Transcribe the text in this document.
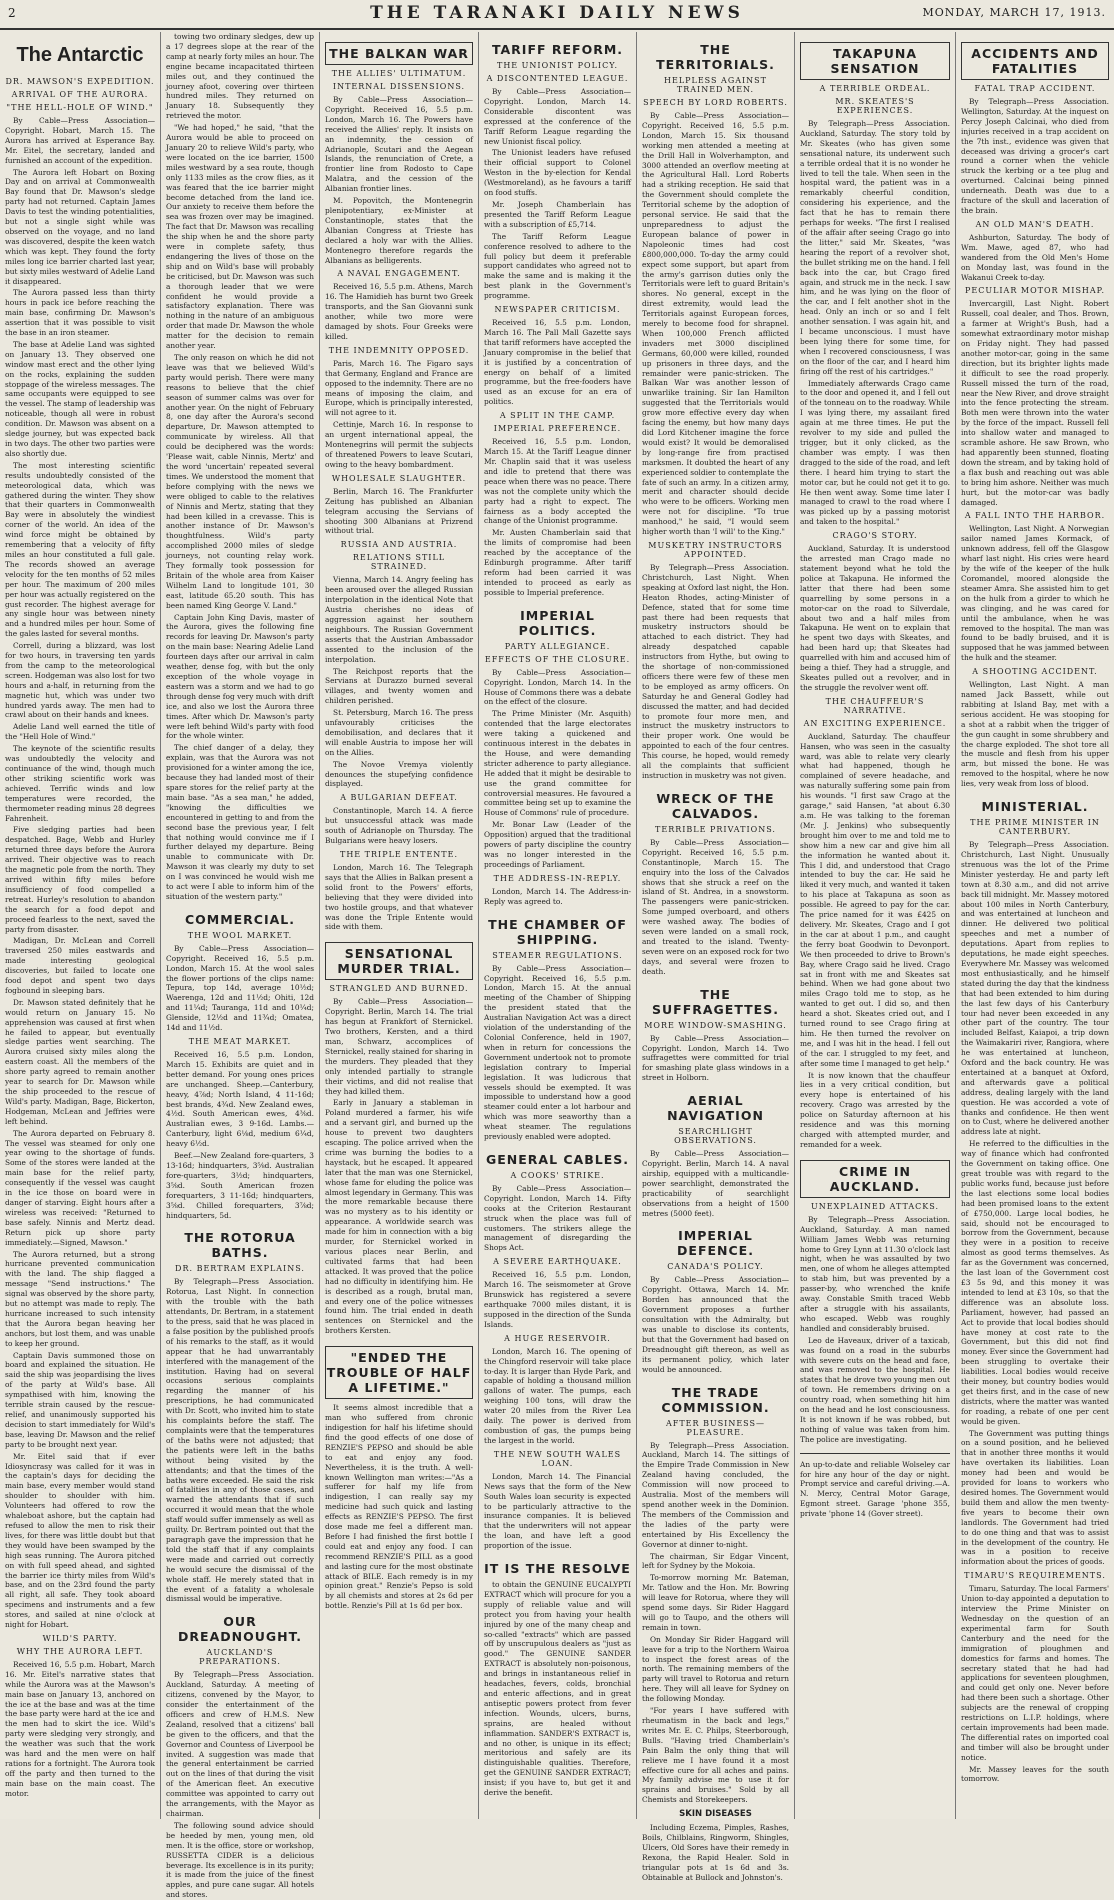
2	THE TARANAKI DAILY NEWS	MONDAY, MARCH 17, 1913.
The Antarctic
DR. MAWSON'S EXPEDITION.
ARRIVAL OF THE AURORA.
"THE HELL-HOLE OF WIND."

By Cable—Press Association—Copyright. Hobart, March 15. The Aurora has arrived at Esperance Bay. Mr. Eitel, the secretary, landed and furnished an account of the expedition.

The Aurora left Hobart on Boxing Day and on arrival at Commonwealth Bay found that Dr. Mawson's sledge party had not returned. Captain James Davis to test the winding potentialities, but not a single sight while was observed on the voyage, and no land was discovered, despite the keen watch which was kept. They found the forty miles long ice barrier charted last year, but sixty miles westward of Adelie Land it disappeared.

The Aurora passed less than thirty hours in pack ice before reaching the main base, confirming Dr. Mawson's assertion that it was possible to visit the base in an iron steamer.

The base at Adelie Land was sighted on January 13. They observed one window mast erect and the other lying on the rocks, explaining the sudden stoppage of the wireless messages. The same occupants were equipped to see the vessel. The stamp of leadership was noticeable, though all were in robust condition. Dr. Mawson was absent on a sledge journey, but was expected back in two days. The other two parties were also shortly due.

The most interesting scientific results undoubtedly consisted of the meteorological data, which was gathered during the winter. They show that their quarters in Commonwealth Bay were in absolutely the windiest corner of the world. An idea of the wind force might be obtained by remembering that a velocity of fifty miles an hour constituted a full gale. The records showed an average velocity for the ten months of 52 miles per hour. The maximum of 200 miles per hour was actually registered on the gust recorder. The highest average for any single hour was between ninety and a hundred miles per hour. Some of the gales lasted for several months.

Correll, during a blizzard, was lost for two hours, in traversing ten yards from the camp to the meteorological screen. Hodgeman was also lost for two hours and a-half, in returning from the magnetic hut, which was under two hundred yards away. The men had to crawl about on their hands and knees.

Adelie Land well earned the title of the "Hell Hole of Wind."

The keynote of the scientific results was undoubtedly the velocity and continuance of the wind, though much other striking scientific work was achieved. Terrific winds and low temperatures were recorded, the thermometer reading minus 28 degrees Fahrenheit.

Five sledging parties had been despatched. Bage, Webb and Hurley returned three days before the Aurora arrived. Their objective was to reach the magnetic pole from the north. They arrived within fifty miles before insufficiency of food compelled a retreat. Hurley's resolution to abandon the search for a food depot and proceed fearless to the next, saved the party from disaster.

Madigan, Dr. McLean and Correll traversed 250 miles eastwards and made interesting geological discoveries, but failed to locate one food depot and spent two days fogbound in sleeping bars.

Dr. Mawson stated definitely that he would return on January 15. No apprehension was caused at first when he failed to appear, but eventually sledge parties went searching. The Aurora cruised sixty miles along the eastern coast. All the members of the shore party agreed to remain another year to search for Dr. Mawson while the ship proceeded to the rescue of Wild's party. Madigan, Bage, Bickerton, Hodgeman, McLean and Jeffries were left behind.

The Aurora departed on February 8. The vessel was steamed for only one year owing to the shortage of funds. Some of the stores were landed at the main base for the relief party, consequently if the vessel was caught in the ice those on board were in danger of starving. Eight hours after a wireless was received: "Returned to base safely. Ninnis and Mertz dead. Return pick up shore party immediately.—Signed, Mawson."

The Aurora returned, but a strong hurricane prevented communication with the land. The ship flagged a message "Send instructions." The signal was observed by the shore party, but no attempt was made to reply. The hurricane increased to such intensity that the Aurora began heaving her anchors, but lost them, and was unable to keep her ground.

Captain Davis summoned those on board and explained the situation. He said the ship was jeopardising the lives of the party at Wild's base. All sympathised with him, knowing the terrible strain caused by the rescue-relief, and unanimously supported his decision to start immediately for Wild's base, leaving Dr. Mawson and the relief party to be brought next year.

Mr. Eitel said that if ever Idiosyncrasy was called for it was in the captain's days for deciding the main base, every member would stand shoulder to shoulder with him. Volunteers had offered to row the whaleboat ashore, but the captain had refused to allow the men to risk their lives, for there was little doubt but that they would have been swamped by the high seas running. The Aurora pitched on with full speed ahead, and sighted the barrier ice thirty miles from Wild's base, and on the 23rd found the party all right, all safe. They took aboard specimens and instruments and a few stores, and sailed at nine o'clock at night for Hobart.

WILD'S PARTY.
WHY THE AURORA LEFT.

Received 16, 5.5 p.m. Hobart, March 16. Mr. Eitel's narrative states that while the Aurora was at the Mawson's main base on January 13, anchored on the ice at the base and was at the time the base party were hard at the ice and the men had to skirt the ice. Wild's party were sledging very strongly, and the weather was such that the work was hard and the men were on half rations for a fortnight. The Aurora took off the party and then turned to the main base on the main coast. The motor.

towing two ordinary sledges, dew up a 17 degrees slope at the rear of the camp at nearly forty miles an hour. The engine became incapacitated thirteen miles out, and they continued the journey afoot, covering over thirteen hundred miles. They returned on January 18. Subsequently they retrieved the motor.

"We had hoped," he said, "that the Aurora would be able to proceed on January 20 to relieve Wild's party, who were located on the ice barrier, 1500 miles westward by a sea route, though only 1133 miles as the crow flies, as it was feared that the ice barrier might become detached from the land ice. Our anxiety to receive them before the sea was frozen over may be imagined. The fact that Dr. Mawson was recalling the ship when he and the shore party were in complete safety, thus endangering the lives of those on the ship and on Wild's base will probably be criticised, but Dr. Mawson was such a thorough leader that we were confident he would provide a satisfactory explanation. There was nothing in the nature of an ambiguous order that made Dr. Mawson the whole matter for the decision to remain another year.

The only reason on which he did not leave was that we believed Wild's party would perish. There were many reasons to believe that the chief season of summer calms was over for another year. On the night of February 8, one day after the Aurora's second departure, Dr. Mawson attempted to communicate by wireless. All that could be deciphered was the words: 'Please wait, cable Ninnis, Mertz' and the word 'uncertain' repeated several times. We understood the moment that before complying with the news we were obliged to cable to the relatives of Ninnis and Mertz, stating that they had been killed in a crevasse. This is another instance of Dr. Mawson's thoughtfulness. Wild's party accomplished 2000 miles of sledge journeys, not counting relay work. They formally took possession for Britain of the whole area from Kaiser Wilhelm Land to longitude 101, 30 east, latitude 65.20 south. This has been named King George V. Land."

Captain John King Davis, master of the Aurora, gives the following fine records for leaving Dr. Mawson's party on the main base: Nearing Adelie Land fourteen days after our arrival in calm weather, dense fog, with but the only exception of the whole voyage in eastern was a storm and we had to go through dense fog very much with drift ice, and also we lost the Aurora three times. After which Dr. Mawson's party were left behind Wild's party with food for the whole winter.

The chief danger of a delay, they explain, was that the Aurora was not provisioned for a winter among the ice, because they had landed most of their spare stores for the relief party at the main base. "As a sea man," he added, "knowing the difficulties we encountered in getting to and from the second base the previous year, I felt that nothing would convince me if I further delayed my departure. Being unable to communicate with Dr. Mawson it was clearly my duty to set on I was convinced he would wish me to act were I able to inform him of the situation of the western party."

COMMERCIAL.
THE WOOL MARKET.

By Cable—Press Association—Copyright. Received 16, 5.5 p.m. London, March 15. At the wool sales the flower portions of the clips name: Tepura, top 14d, average 10½d; Waerenga, 12d and 11½d; Ohiti, 12d and 11¼d; Tauranga, 11d and 10¼d; Glenside, 12½d and 11¾d; Omatea, 14d and 11½d.

THE MEAT MARKET.

Received 16, 5.5 p.m. London, March 15. Exhibits are quiet and in better demand. For young ones prices are unchanged. Sheep.—Canterbury, heavy, 4⅞d; North Island, 4 11-16d; best brands, 4¾d. New Zealand ewes, 4½d. South American ewes, 4⅜d. Australian ewes, 3 9-16d. Lambs.—Canterbury, light 6⅛d, medium 6¼d, heavy 6½d.

Beef.—New Zealand fore-quarters, 3 13-16d; hindquarters, 3⅝d. Australian fore-quarters, 3½d; hindquarters, 3⅝d. South American frozen forequarters, 3 11-16d; hindquarters, 3⅝d. Chilled forequarters, 3⅞d; hindquarters, 5d.

THE ROTORUA BATHS.
DR. BERTRAM EXPLAINS.

By Telegraph—Press Association. Rotorua, Last Night. In connection with the trouble with the bath attendants, Dr. Bertram, in a statement to the press, said that he was placed in a false position by the published proofs of his remarks to the staff, as it would appear that he had unwarrantably interfered with the management of the institution. Having had on several occasions serious complaints regarding the manner of his prescriptions, he had communicated with Dr. Scott, who invited him to state his complaints before the staff. The complaints were that the temperatures of the baths were not adjusted; that the patients were left in the baths without being visited by the attendants; and that the times of the baths were exceeded. He said the risk of fatalities in any of those cases, and warned the attendants that if such occurred it would mean that the whole staff would suffer immensely as well as guilty. Dr. Bertram pointed out that the paragraph gave the impression that he told the staff that if any complaints were made and carried out correctly he would secure the dismissal of the whole staff. He merely stated that in the event of a fatality a wholesale dismissal would be imperative.

OUR DREADNOUGHT.
AUCKLAND'S PREPARATIONS.

By Telegraph—Press Association. Auckland, Saturday. A meeting of citizens, convened by the Mayor, to consider the entertainment of the officers and crew of H.M.S. New Zealand, resolved that a citizens' ball be given to the officers, and that the Governor and Countess of Liverpool be invited. A suggestion was made that the general entertainment be carried out on the lines of that during the visit of the American fleet. An executive committee was appointed to carry out the arrangements, with the Mayor as chairman.

The following sound advice should be heeded by men, young men, old men. It is the office, store or workshop, RUSSETTA CIDER is a delicious beverage. Its excellence is in its purity; it is made from the juice of the finest apples, and pure cane sugar. All hotels and stores.

THE BALKAN WAR
THE ALLIES' ULTIMATUM.
INTERNAL DISSENSIONS.

By Cable—Press Association—Copyright. Received 16, 5.5 p.m. London, March 16. The Powers have received the Allies' reply. It insists on an indemnity, the cession of Adrianople, Scutari and the Aegean Islands, the renunciation of Crete, a frontier line from Rodosto to Cape Malatra, and the cession of the Albanian frontier lines.

M. Popovitch, the Montenegrin plenipotentiary, ex-Minister at Constantinople, states that the Albanian Congress at Trieste has declared a holy war with the Allies. Montenegro therefore regards the Albanians as belligerents.

A NAVAL ENGAGEMENT.

Received 16, 5.5 p.m. Athens, March 16. The Hamidieh has burnt two Greek transports, and the San Giovanni sunk another, while two more were damaged by shots. Four Greeks were killed.

THE INDEMNITY OPPOSED.

Paris, March 16. The Figaro says that Germany, England and France are opposed to the indemnity. There are no means of imposing the claim, and Europe, which is principally interested, will not agree to it.

Cettinje, March 16. In response to an urgent international appeal, the Montenegrins will permit the subjects of threatened Powers to leave Scutari, owing to the heavy bombardment.

WHOLESALE SLAUGHTER.

Berlin, March 16. The Frankfurter Zeitung has published an Albanian telegram accusing the Servians of shooting 300 Albanians at Prizrend without trial.

RUSSIA AND AUSTRIA.
RELATIONS STILL STRAINED.

Vienna, March 14. Angry feeling has been aroused over the alleged Russian interpolation in the identical Note that Austria cherishes no ideas of aggression against her southern neighbours. The Russian Government asserts that the Austrian Ambassador assented to the inclusion of the interpolation.

The Reichpost reports that the Servians at Durazzo burned several villages, and twenty women and children perished.

St. Petersburg, March 16. The press unfavourably criticises the demobilisation, and declares that it will enable Austria to impose her will on the Allies.

The Novoe Vremya violently denounces the stupefying confidence displayed.

A BULGARIAN DEFEAT.

Constantinople, March 14. A fierce but unsuccessful attack was made south of Adrianople on Thursday. The Bulgarians were heavy losers.

THE TRIPLE ENTENTE.

London, March 16. The Telegraph says that the Allies in Balkan present a solid front to the Powers' efforts, believing that they were divided into two hostile groups, and that whatever was done the Triple Entente would side with them.

SENSATIONAL MURDER TRIAL.
STRANGLED AND BURNED.

By Cable—Press Association—Copyright. Berlin, March 14. The trial has begun at Frankfort of Sternickel. Two brothers, Kersten, and a third man, Schwarz, accomplices of Sternickel, really stained for sharing in the murders. They pleaded that they only intended partially to strangle their victims, and did not realise that they had killed them.

Early in January a stableman in Poland murdered a farmer, his wife and a servant girl, and burned up the house to prevent two daughters escaping. The police arrived when the crime was burning the bodies to a haystack, but he escaped. It appeared later that the man was one Sternickel, whose fame for eluding the police was almost legendary in Germany. This was the more remarkable because there was no mystery as to his identity or appearance. A worldwide search was made for him in connection with a big murder, for Sternickel worked in various places near Berlin, and cultivated farms that had been attacked. It was proved that the police had no difficulty in identifying him. He is described as a rough, brutal man, and every one of the police witnesses found him. The trial ended in death sentences on Sternickel and the brothers Kersten.

"ENDED THE TROUBLE OF HALF A LIFETIME."

It seems almost incredible that a man who suffered from chronic indigestion for half his lifetime should find the good effects of one dose of RENZIE'S PEPSO and should be able to eat and enjoy any food. Nevertheless, it is the truth. A well-known Wellington man writes:—"As a sufferer for half my life from indigestion, I can really say my medicine had such quick and lasting effects as RENZIE'S PEPSO. The first dose made me feel a different man. Before I had finished the first bottle I could eat and enjoy any food. I can recommend RENZIE'S PILL as a good and lasting cure for the most obstinate attack of BILE. Each remedy is in my opinion great." Renzie's Pepso is sold by all chemists and stores at 2s 6d per bottle. Renzie's Pill at 1s 6d per box.

TARIFF REFORM.
THE UNIONIST POLICY.
A DISCONTENTED LEAGUE.

By Cable—Press Association—Copyright. London, March 14. Considerable discontent was expressed at the conference of the Tariff Reform League regarding the new Unionist fiscal policy.

The Unionist leaders have refused their official support to Colonel Weston in the by-election for Kendal (Westmoreland), as he favours a tariff on food stuffs.

Mr. Joseph Chamberlain has presented the Tariff Reform League with a subscription of £5,714.

The Tariff Reform League conference resolved to adhere to the full policy but deem it preferable support candidates who agreed not to make the same and is making it the best plank in the Government's programme.

NEWSPAPER CRITICISM.

Received 16, 5.5 p.m. London, March 16. The Pall Mall Gazette says that tariff reformers have accepted the January compromise in the belief that it is justified by a concentration of energy on behalf of a limited programme, but the free-fooders have used as an excuse for an era of politics.

A SPLIT IN THE CAMP.
IMPERIAL PREFERENCE.

Received 16, 5.5 p.m. London, March 15. At the Tariff League dinner Mr. Chaplin said that it was useless and idle to pretend that there was peace when there was no peace. There was not the complete unity which the party had a right to expect. The fairness as a body accepted the change of the Unionist programme.

Mr. Austen Chamberlain said that the limits of compromise had been reached by the acceptance of the Edinburgh programme. After tariff reform had been carried it was intended to proceed as early as possible to Imperial preference.

IMPERIAL POLITICS.
PARTY ALLEGIANCE.
EFFECTS OF THE CLOSURE.

By Cable—Press Association—Copyright. London, March 14. In the House of Commons there was a debate on the effect of the closure.

The Prime Minister (Mr. Asquith) contended that the large electorates were taking a quickened and continuous interest in the debates in the House, and were demanding stricter adherence to party allegiance. He added that it might be desirable to use the grand committee for controversial measures. He favoured a committee being set up to examine the House of Commons' rule of procedure.

Mr. Bonar Law (Leader of the Opposition) argued that the traditional powers of party discipline the country was no longer interested in the proceedings of Parliament.

THE ADDRESS-IN-REPLY.

London, March 14. The Address-in-Reply was agreed to.

THE CHAMBER OF SHIPPING.
STEAMER REGULATIONS.

By Cable—Press Association—Copyright. Received 16, 5.5 p.m. London, March 15. At the annual meeting of the Chamber of Shipping the president stated that the Australian Navigation Act was a direct violation of the understanding of the Colonial Conference, held in 1907, when in return for concessions the Government undertook not to promote legislation contrary to Imperial legislation. It was ludicrous that vessels should be exempted. It was impossible to understand how a good steamer could enter a lot harbour and which was more seaworthy than a wheat steamer. The regulations previously enabled were adopted.

GENERAL CABLES.
A COOKS' STRIKE.

By Cable—Press Association—Copyright. London, March 14. Fifty cooks at the Criterion Restaurant struck when the place was full of customers. The strikers allege the management of disregarding the Shops Act.

A SEVERE EARTHQUAKE.

Received 16, 5.5 p.m. London, March 16. The seismometer at Grove Brunswick has registered a severe earthquake 7000 miles distant, it is supposed in the direction of the Sunda Islands.

A HUGE RESERVOIR.

London, March 16. The opening of the Chingford reservoir will take place to-day. It is larger than Hyde Park, and capable of holding a thousand million gallons of water. The pumps, each weighing 100 tons, will draw the water 20 miles from the River Lea daily. The power is derived from combustion of gas, the pumps being the largest in the world.

THE NEW SOUTH WALES LOAN.

London, March 14. The Financial News says that the form of the New South Wales loan security is expected to be particularly attractive to the insurance companies. It is believed that the underwriters will not appear the loan, and have left a good proportion of the issue.

IT IS THE RESOLVE

to obtain the GENUINE EUCALYPTI EXTRACT which will procure for you a supply of reliable value and will protect you from having your health injured by one of the many cheap and so-called "extracts" which are passed off by unscrupulous dealers as "just as good." The GENUINE SANDER EXTRACT is absolutely non-poisonous, and brings in instantaneous relief in headaches, fevers, colds, bronchial and enteric affections, and in great antiseptic powers protect from fever infection. Wounds, ulcers, burns, sprains, are healed without inflammation. SANDER'S EXTRACT is, and no other, is unique in its effect; meritorious and safely are its distinguishable qualities. Therefore, get the GENUINE SANDER EXTRACT; insist; if you have to, but get it and derive the benefit.

THE TERRITORIALS.
HELPLESS AGAINST TRAINED MEN.
SPEECH BY LORD ROBERTS.

By Cable—Press Association—Copyright. Received 16, 5.5 p.m. London, March 15. Six thousand working men attended a meeting at the Drill Hall in Wolverhampton, and 3000 attended an overflow meeting at the Agricultural Hall. Lord Roberts had a striking reception. He said that the Government should complete the Territorial scheme by the adoption of personal service. He said that the unpreparedness to adjust the European balance of power in Napoleonic times had cost £800,000,000. To-day the army could expect some support, but apart from the army's garrison duties only the Territorials were left to guard Britain's shores. No general, except in the direst extremity, would lead the Territorials against European forces, merely to become food for shrapnel. When 100,000 French afflicted invaders met 3000 disciplined Germans, 60,000 were killed, rounded up prisoners in three days, and the remainder were panic-stricken. The Balkan War was another lesson of unwarlike training. Sir Ian Hamilton suggested that the Territorials would grow more effective every day when facing the enemy, but how many days did Lord Kitchener imagine the force would exist? It would be demoralised by long-range fire from practised marksmen. It doubted the heart of any experienced soldier to contemplate the fate of such an army. In a citizen army, merit and character should decide who were to be officers. Working men were not for discipline. "To true manhood," he said, "I would seem higher worth than 'I will' to the King."

MUSKETRY INSTRUCTORS APPOINTED.

By Telegraph—Press Association. Christchurch, Last Night. When speaking at Oxford last night, the Hon. Heaton Rhodes, acting-Minister of Defence, stated that for some time past there had been requests that musketry instructors should be attached to each district. They had already despatched capable instructors from Hythe, but owing to the shortage of non-commissioned officers there were few of these men to be employed as army officers. On Saturday he and General Godley had discussed the matter, and had decided to promote four more men, and instruct the musketry instructors to their proper work. One would be appointed to each of the four centres. This course, he hoped, would remedy all the complaints that sufficient instruction in musketry was not given.

WRECK OF THE CALVADOS.
TERRIBLE PRIVATIONS.

By Cable—Press Association—Copyright. Received 16, 5.5 p.m. Constantinople, March 15. The enquiry into the loss of the Calvados shows that she struck a reef on the island of St. Andrea, in a snowstorm. The passengers were panic-stricken. Some jumped overboard, and others were washed away. The bodies of seven were landed on a small rock, and treated to the island. Twenty-seven were on an exposed rock for two days, and several were frozen to death.

THE SUFFRAGETTES.
MORE WINDOW-SMASHING.

By Cable—Press Association—Copyright. London, March 14. Two suffragettes were committed for trial for smashing plate glass windows in a street in Holborn.

AERIAL NAVIGATION
SEARCHLIGHT OBSERVATIONS.

By Cable—Press Association—Copyright. Berlin, March 14. A naval airship, equipped with a multicandle-power searchlight, demonstrated the practicability of searchlight observations from a height of 1500 metres (5000 feet).

IMPERIAL DEFENCE.
CANADA'S POLICY.

By Cable—Press Association—Copyright. Ottawa, March 14. Mr. Borden has announced that the Government proposes a further consultation with the Admiralty, but was unable to disclose its contents, but that the Government had based on Dreadnought gift thereon, as well as its permanent policy, which later would be announced.

THE TRADE COMMISSION.
AFTER BUSINESS—PLEASURE.

By Telegraph—Press Association. Auckland, March 14. The sittings of the Empire Trade Commission in New Zealand having concluded, the Commission will now proceed to Australia. Most of the members will spend another week in the Dominion. The members of the Commission and the ladies of the party were entertained by His Excellency the Governor at dinner to-night.

The chairman, Sir Edgar Vincent, left for Sydney by the Mokoia.

To-morrow morning Mr. Bateman, Mr. Tatlow and the Hon. Mr. Bowring will leave for Rotorua, where they will spend some days. Sir Rider Haggard will go to Taupo, and the others will remain in town.

On Monday Sir Rider Haggard will leave for a trip to the Northern Wairoa to inspect the forest areas of the north. The remaining members of the party will travel to Rotorua and return here. They will all leave for Sydney on the following Monday.

"For years I have suffered with rheumatism in the back and legs," writes Mr. E. C. Philps, Steerborough, Bulls. "Having tried Chamberlain's Pain Balm the only thing that will relieve me I have found it a most effective cure for all aches and pains. My family advise me to use it for sprains and bruises." Sold by all Chemists and Storekeepers.

SKIN DISEASES

Including Eczema, Pimples, Rashes, Boils, Chilblains, Ringworm, Shingles, Ulcers, Old Sores have their remedy in Rexona, the Rapid Healer. Sold in triangular pots at 1s 6d and 3s. Obtainable at Bullock and Johnston's.

TAKAPUNA SENSATION
A TERRIBLE ORDEAL.
MR. SKEATES'S EXPERIENCES.

By Telegraph—Press Association. Auckland, Saturday. The story told by Mr. Skeates (who has given some sensational nature, its underwent such a terrible ordeal that it is no wonder he lived to tell the tale. When seen in the hospital ward, the patient was in a remarkably cheerful condition, considering his experience, and the fact that he has to remain there perhaps for weeks. "The first I realised of the affair after seeing Crago go into the litter," said Mr. Skeates, "was hearing the report of a revolver shot, the bullet striking me on the hand. I fell back into the car, but Crago fired again, and struck me in the neck. I saw him, and he was lying on the floor of the car, and I felt another shot in the head. Only an inch or so and I felt another sensation. I was again hit, and I became unconscious. I must have been lying there for some time, for when I recovered consciousness, I was on the floor of the car, and I heard him firing off the rest of his cartridges."

Immediately afterwards Crago came to the door and opened it, and I fell out of the tonneau on to the roadway. While I was lying there, my assailant fired again at me three times. He put the revolver to my side and pulled the trigger, but it only clicked, as the chamber was empty. I was then dragged to the side of the road, and left there. I heard him trying to start the motor car, but he could not get it to go. He then went away. Some time later I managed to crawl to the road where I was picked up by a passing motorist and taken to the hospital."

CRAGO'S STORY.

Auckland, Saturday. It is understood the arrested man Crago made no statement beyond what he told the police at Takapuna. He informed the latter that there had been some quarrelling by some persons in a motor-car on the road to Silverdale, about two and a half miles from Takapuna. He went on to explain that he spent two days with Skeates, and had been hard up; that Skeates had quarrelled with him and accused him of being a thief. They had a struggle, and Skeates pulled out a revolver, and in the struggle the revolver went off.

THE CHAUFFEUR'S NARRATIVE.
AN EXCITING EXPERIENCE.

Auckland, Saturday. The chauffeur Hansen, who was seen in the casualty ward, was able to relate very clearly what had happened, though he complained of severe headache, and was naturally suffering some pain from his wounds. "I first saw Crago at the garage," said Hansen, "at about 6.30 a.m. He was talking to the foreman (Mr. J. Jenkins) who subsequently brought him over to me and told me to show him a new car and give him all the information he wanted about it. This I did, and understood that Crago intended to buy the car. He said he liked it very much, and wanted it taken to his place at Takapuna as soon as possible. He agreed to pay for the car. The price named for it was £425 on delivery. Mr. Skeates, Crago and I got in the car at about 1 p.m., and caught the ferry boat Goodwin to Devonport. We then proceeded to drive to Brown's Bay, where Crago said he lived. Crago sat in front with me and Skeates sat behind. When we had gone about two miles Crago told me to stop, as he wanted to get out. I did so, and then heard a shot. Skeates cried out, and I turned round to see Crago firing at him. He then turned the revolver on me, and I was hit in the head. I fell out of the car. I struggled to my feet, and after some time I managed to get help."

It is now known that the chauffeur lies in a very critical condition, but every hope is entertained of his recovery. Crago was arrested by the police on Saturday afternoon at his residence and was this morning charged with attempted murder, and remanded for a week.

CRIME IN AUCKLAND.
UNEXPLAINED ATTACKS.

By Telegraph—Press Association. Auckland, Saturday. A man named William James Webb was returning home to Grey Lynn at 11.30 o'clock last night, when he was assaulted by two men, one of whom he alleges attempted to stab him, but was prevented by a passer-by, who wrenched the knife away. Constable Smith traced Webb after a struggle with his assailants, who escaped. Webb was roughly handled and considerably bruised.

Leo de Haveaux, driver of a taxicab, was found on a road in the suburbs with severe cuts on the head and face, and was removed to the hospital. He states that he drove two young men out of town. He remembers driving on a country road, when something hit him on the head and he lost consciousness. It is not known if he was robbed, but nothing of value was taken from him. The police are investigating.

An up-to-date and reliable Wolseley car for hire any hour of the day or night. Prompt service and careful driving.—A. N. Mercy, Central Motor Garage, Egmont street. Garage 'phone 355, private 'phone 14 (Gover street).

ACCIDENTS AND FATALITIES
FATAL TRAP ACCIDENT.

By Telegraph—Press Association. Wellington, Saturday. At the inquest on Percy Joseph Calcinai, who died from injuries received in a trap accident on the 7th inst., evidence was given that deceased was driving a grocer's cart round a corner when the vehicle struck the kerbing or a tee plug and overturned. Calcinai being pinned underneath. Death was due to a fracture of the skull and laceration of the brain.

AN OLD MAN'S DEATH.

Ashburton, Saturday. The body of Wm. Mawe, aged 87, who had wandered from the Old Men's Home on Monday last, was found in the Wakanui Creek to-day.

PECULIAR MOTOR MISHAP.

Invercargill, Last Night. Robert Russell, coal dealer, and Thos. Brown, a farmer at Wright's Bush, had a somewhat extraordinary motor mishap on Friday night. They had passed another motor-car, going in the same direction, but its brighter lights made it difficult to see the road properly. Russell missed the turn of the road, near the New River, and drove straight into the fence protecting the stream. Both men were thrown into the water by the force of the impact. Russell fell into shallow water and managed to scramble ashore. He saw Brown, who had apparently been stunned, floating down the stream, and by taking hold of a flax bush and reaching out was able to bring him ashore. Neither was much hurt, but the motor-car was badly damaged.

A FALL INTO THE HARBOR.

Wellington, Last Night. A Norwegian sailor named James Kormack, of unknown address, fell off the Glasgow wharf last night. His cries were heard by the wife of the keeper of the hulk Coromandel, moored alongside the steamer Amra. She assisted him to get on the hulk from a girder to which he was clinging, and he was cared for until the ambulance, when he was removed to the hospital. The man was found to be badly bruised, and it is supposed that he was jammed between the hulk and the steamer.

A SHOOTING ACCIDENT.

Wellington, Last Night. A man named Jack Bassett, while out rabbiting at Island Bay, met with a serious accident. He was stooping for a shot at a rabbit when the trigger of the gun caught in some shrubbery and the charge exploded. The shot tore all the muscle and flesh from his upper arm, but missed the bone. He was removed to the hospital, where he now lies, very weak from loss of blood.

MINISTERIAL.
THE PRIME MINISTER IN CANTERBURY.

By Telegraph—Press Association. Christchurch, Last Night. Unusually strenuous was the lot of the Prime Minister yesterday. He and party left town at 8.30 a.m., and did not arrive back till midnight. Mr. Massey motored about 100 miles in North Canterbury, and was entertained at luncheon and dinner. He delivered two political speeches and met a number of deputations. Apart from replies to deputations, he made eight speeches. Everywhere Mr. Massey was welcomed most enthusiastically, and he himself stated during the day that the kindness that had been extended to him during the last few days of his Canterbury tour had never been exceeded in any other part of the country. The tour included Belfast, Kaiapoi, a trip down the Waimakariri river, Rangiora, where he was entertained at luncheon, Oxford and the back country. He was entertained at a banquet at Oxford, and afterwards gave a political address, dealing largely with the land question. He was accorded a vote of thanks and confidence. He then went on to Cust, where he delivered another address late at night.

He referred to the difficulties in the way of finance which had confronted the Government on taking office. One great trouble was with regard to the public works fund, because just before the last elections some local bodies had been promised loans to the extent of £750,000. Large local bodies, he said, should not be encouraged to borrow from the Government, because they were in a position to receive almost as good terms themselves. As far as the Government was concerned, the last loan of the Government cost £3 5s 9d, and this money it was intended to lend at £3 10s, so that the difference was an absolute loss. Parliament, however, had passed an Act to provide that local bodies should have money at cost rate to the Government, but this did not find money. Ever since the Government had been struggling to overtake their liabilities. Local bodies would receive their money, but country bodies would get theirs first, and in the case of new districts, where the matter was wanted for roading, a rebate of one per cent would be given.

The Government was putting things on a sound position, and he believed that in another three months it would have overtaken its liabilities. Loan money had been and would be provided for loans to workers who desired homes. The Government would build them and allow the men twenty-five years to become their own landlords. The Government had tried to do one thing and that was to assist in the development of the country. He was in a position to receive information about the prices of goods.

TIMARU'S REQUIREMENTS.

Timaru, Saturday. The local Farmers' Union to-day appointed a deputation to interview the Prime Minister on Wednesday on the question of an experimental farm for South Canterbury and the need for the immigration of ploughmen and domestics for farms and homes. The secretary stated that he had had applications for seventeen ploughmen, and could get only one. Never before had there been such a shortage. Other subjects are the renewal of cropping restrictions on L.I.P. holdings, where certain improvements had been made. The differential rates on imported coal and timber will also be brought under notice.

Mr. Massey leaves for the south tomorrow.
